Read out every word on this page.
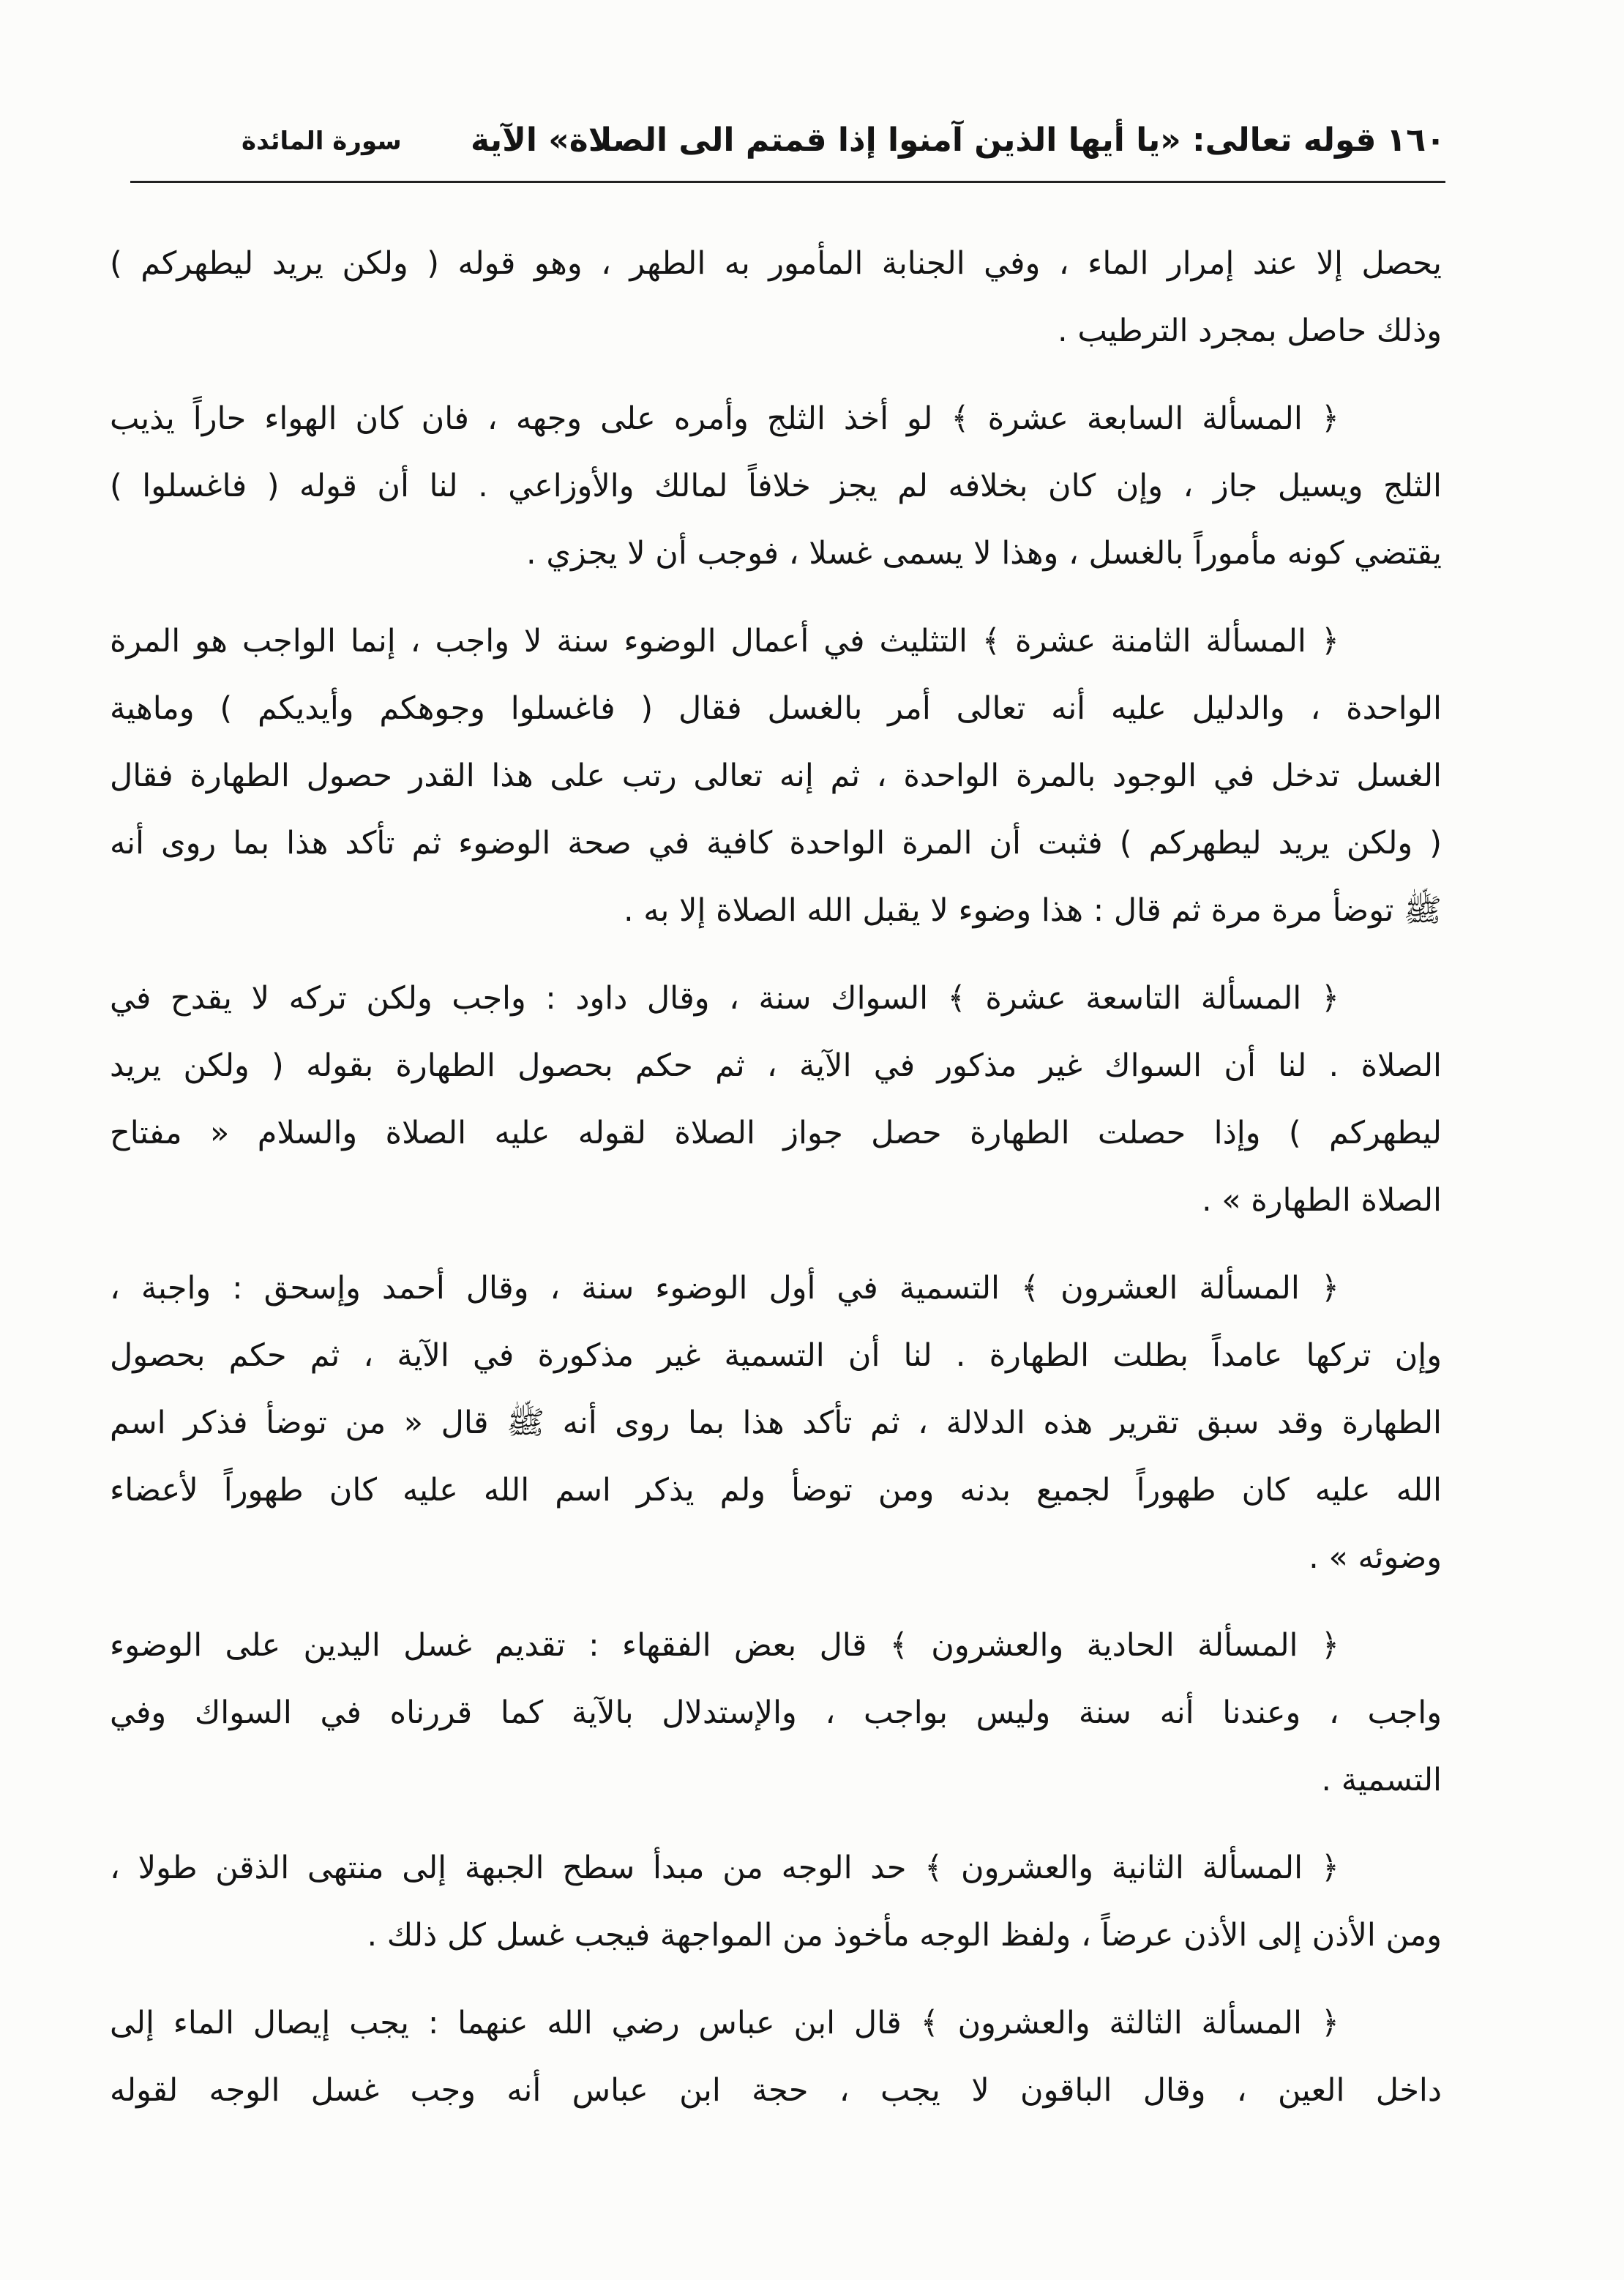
١٦٠قوله تعالى: «يا أيها الذين آمنوا إذا قمتم الى الصلاة» الآية
سورة المائدة
يحصل إلا عند إمرار الماء ، وفي الجنابة المأمور به الطهر ، وهو قوله ( ولكن يريد ليطهركم )
وذلك حاصل بمجرد الترطيب .
﴿ المسألة السابعة عشرة ﴾ لو أخذ الثلج وأمره على وجهه ، فان كان الهواء حاراً يذيب
الثلج ويسيل جاز ، وإن كان بخلافه لم يجز خلافاً لمالك والأوزاعي . لنا أن قوله ( فاغسلوا )
يقتضي كونه مأموراً بالغسل ، وهذا لا يسمى غسلا ، فوجب أن لا يجزي .
﴿ المسألة الثامنة عشرة ﴾ التثليث في أعمال الوضوء سنة لا واجب ، إنما الواجب هو المرة
الواحدة ، والدليل عليه أنه تعالى أمر بالغسل فقال ( فاغسلوا وجوهكم وأيديكم ) وماهية
الغسل تدخل في الوجود بالمرة الواحدة ، ثم إنه تعالى رتب على هذا القدر حصول الطهارة فقال
( ولكن يريد ليطهركم ) فثبت أن المرة الواحدة كافية في صحة الوضوء ثم تأكد هذا بما روى أنه
ﷺ توضأ مرة مرة ثم قال : هذا وضوء لا يقبل الله الصلاة إلا به .
﴿ المسألة التاسعة عشرة ﴾ السواك سنة ، وقال داود : واجب ولكن تركه لا يقدح في
الصلاة . لنا أن السواك غير مذكور في الآية ، ثم حكم بحصول الطهارة بقوله ( ولكن يريد
ليطهركم ) وإذا حصلت الطهارة حصل جواز الصلاة لقوله عليه الصلاة والسلام « مفتاح
الصلاة الطهارة » .
﴿ المسألة العشرون ﴾ التسمية في أول الوضوء سنة ، وقال أحمد وإسحق : واجبة ،
وإن تركها عامداً بطلت الطهارة . لنا أن التسمية غير مذكورة في الآية ، ثم حكم بحصول
الطهارة وقد سبق تقرير هذه الدلالة ، ثم تأكد هذا بما روى أنه ﷺ قال « من توضأ فذكر اسم
الله عليه كان طهوراً لجميع بدنه ومن توضأ ولم يذكر اسم الله عليه كان طهوراً لأعضاء
وضوئه » .
﴿ المسألة الحادية والعشرون ﴾ قال بعض الفقهاء : تقديم غسل اليدين على الوضوء
واجب ، وعندنا أنه سنة وليس بواجب ، والإستدلال بالآية كما قررناه في السواك وفي
التسمية .
﴿ المسألة الثانية والعشرون ﴾ حد الوجه من مبدأ سطح الجبهة إلى منتهى الذقن طولا ،
ومن الأذن إلى الأذن عرضاً ، ولفظ الوجه مأخوذ من المواجهة فيجب غسل كل ذلك .
﴿ المسألة الثالثة والعشرون ﴾ قال ابن عباس رضي الله عنهما : يجب إيصال الماء إلى
داخل العين ، وقال الباقون لا يجب ، حجة ابن عباس أنه وجب غسل الوجه لقوله
